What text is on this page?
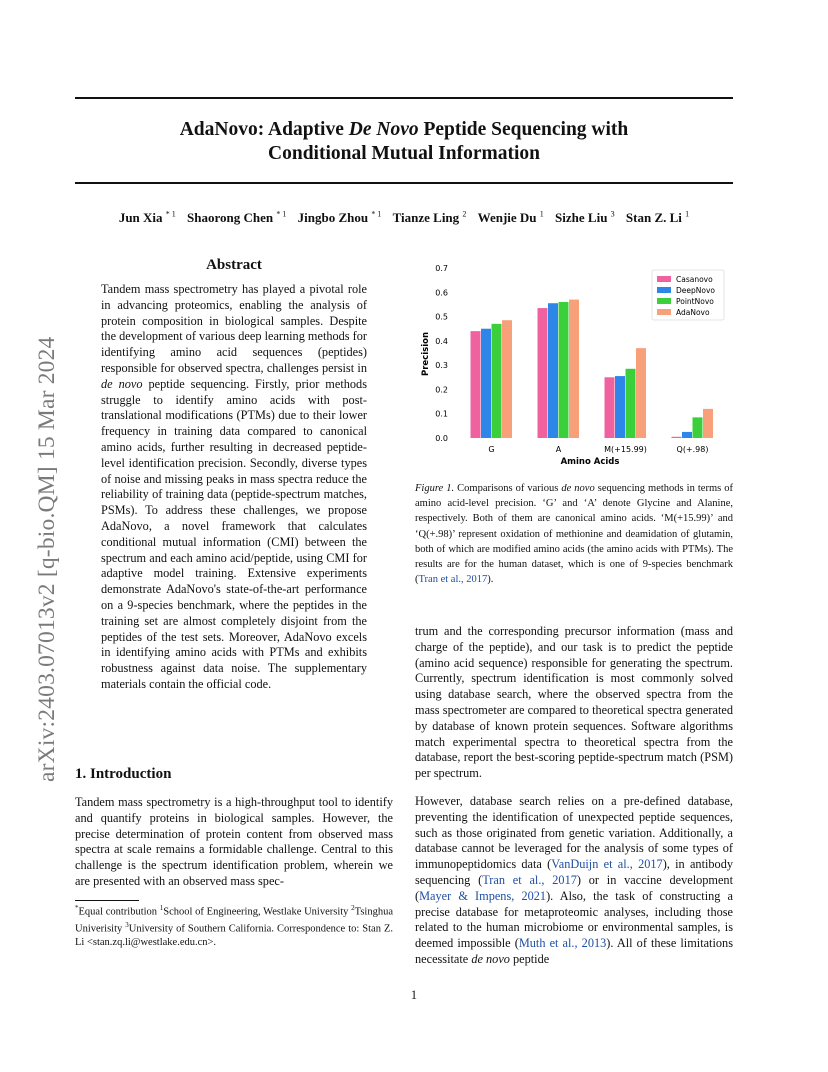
AdaNovo: Adaptive De Novo Peptide Sequencing with
Conditional Mutual Information
Jun Xia $^{* 1}$ Shaorong Chen $^{* 1}$ Jingbo Zhou $^{* 1}$ Tianze Ling $^2$ Wenjie Du $^1$ Sizhe Liu $^3$ Stan Z. Li $^1$
arXiv:2403.07013v2 [q-bio.QM] 15 Mar 2024
Abstract
Tandem mass spectrometry has played a pivotal role in advancing proteomics, enabling the analysis of protein composition in biological samples. Despite the development of various deep learning methods for identifying amino acid sequences (peptides) responsible for observed spectra, challenges persist in de novo peptide sequencing. Firstly, prior methods struggle to identify amino acids with post-translational modifications (PTMs) due to their lower frequency in training data compared to canonical amino acids, further resulting in decreased peptide-level identification precision. Secondly, diverse types of noise and missing peaks in mass spectra reduce the reliability of training data (peptide-spectrum matches, PSMs). To address these challenges, we propose AdaNovo, a novel framework that calculates conditional mutual information (CMI) between the spectrum and each amino acid/peptide, using CMI for adaptive model training. Extensive experiments demonstrate AdaNovo's state-of-the-art performance on a 9-species benchmark, where the peptides in the training set are almost completely disjoint from the peptides of the test sets. Moreover, AdaNovo excels in identifying amino acids with PTMs and exhibits robustness against data noise. The supplementary materials contain the official code.
1. Introduction
Tandem mass spectrometry is a high-throughput tool to identify and quantify proteins in biological samples. However, the precise determination of protein content from observed mass spectra at scale remains a formidable challenge. Central to this challenge is the spectrum identification problem, wherein we are presented with an observed mass spec-
*Equal contribution $^1$School of Engineering, Westlake University $^2$Tsinghua Univerisity $^3$University of Southern California. Correspondence to: Stan Z. Li <stan.zq.li@westlake.edu.cn>.
0.0
0.1
0.2
0.3
0.4
0.5
0.6
0.7
G	A	M(+15.99)	Q(+.98)
Precision
Amino Acids
Casanovo
DeepNovo
PointNovo
AdaNovo
Figure 1. Comparisons of various de novo sequencing methods in terms of amino acid-level precision. ‘G’ and ‘A’ denote Glycine and Alanine, respectively. Both of them are canonical amino acids. ‘M(+15.99)’ and ‘Q(+.98)’ represent oxidation of methionine and deamidation of glutamin, both of which are modified amino acids (the amino acids with PTMs). The results are for the human dataset, which is one of 9-species benchmark (Tran et al., 2017).
trum and the corresponding precursor information (mass and charge of the peptide), and our task is to predict the peptide (amino acid sequence) responsible for generating the spectrum. Currently, spectrum identification is most commonly solved using database search, where the observed spectra from the mass spectrometer are compared to theoretical spectra generated by database of known protein sequences. Software algorithms match experimental spectra to theoretical spectra from the database, report the best-scoring peptide-spectrum match (PSM) per spectrum.
However, database search relies on a pre-defined database, preventing the identification of unexpected peptide sequences, such as those originated from genetic variation. Additionally, a database cannot be leveraged for the analysis of some types of immunopeptidomics data (VanDuijn et al., 2017), in antibody sequencing (Tran et al., 2017) or in vaccine development (Mayer & Impens, 2021). Also, the task of constructing a precise database for metaproteomic analyses, including those related to the human microbiome or environmental samples, is deemed impossible (Muth et al., 2013). All of these limitations necessitate de novo peptide
1
